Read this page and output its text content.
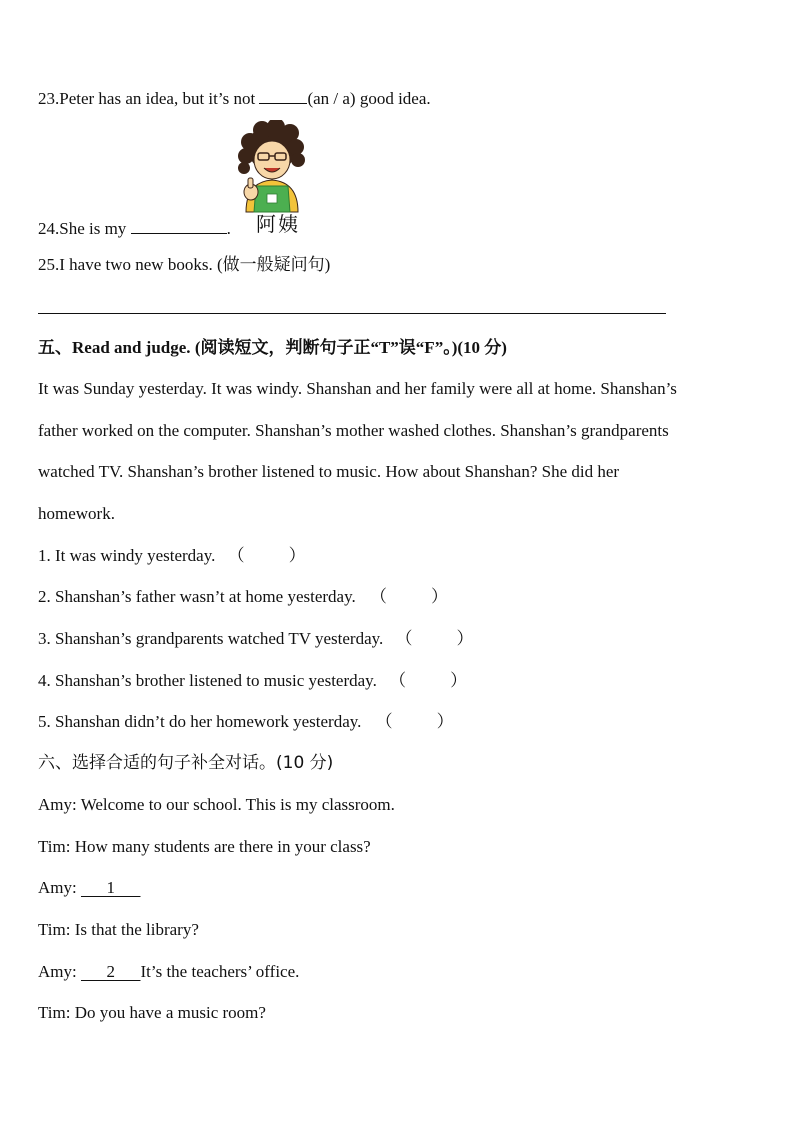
23.Peter has an idea, but it’s not	(an / a) good idea.
阿姨
24.She is my	.
25.I have two new books. (做一般疑问句)
五、Read and judge. (阅读短文，判断句子正“T”误“F”。)(10 分)
It was Sunday yesterday. It was windy. Shanshan and her family were all at home. Shanshan’s
father worked on the computer. Shanshan’s mother washed clothes. Shanshan’s grandparents
watched TV. Shanshan’s brother listened to music. How about Shanshan? She did her
homework.
1. It was windy yesterday. （	）
2. Shanshan’s father wasn’t at home yesterday. （	）
3. Shanshan’s grandparents watched TV yesterday. （	）
4. Shanshan’s brother listened to music yesterday. （	）
5. Shanshan didn’t do her homework yesterday. （	）
六、选择合适的句子补全对话。(10 分)
Amy: Welcome to our school. This is my classroom.
Tim: How many students are there in your class?
Amy: 1
Tim: Is that the library?
Amy: 2 It’s the teachers’ office.
Tim: Do you have a music room?
